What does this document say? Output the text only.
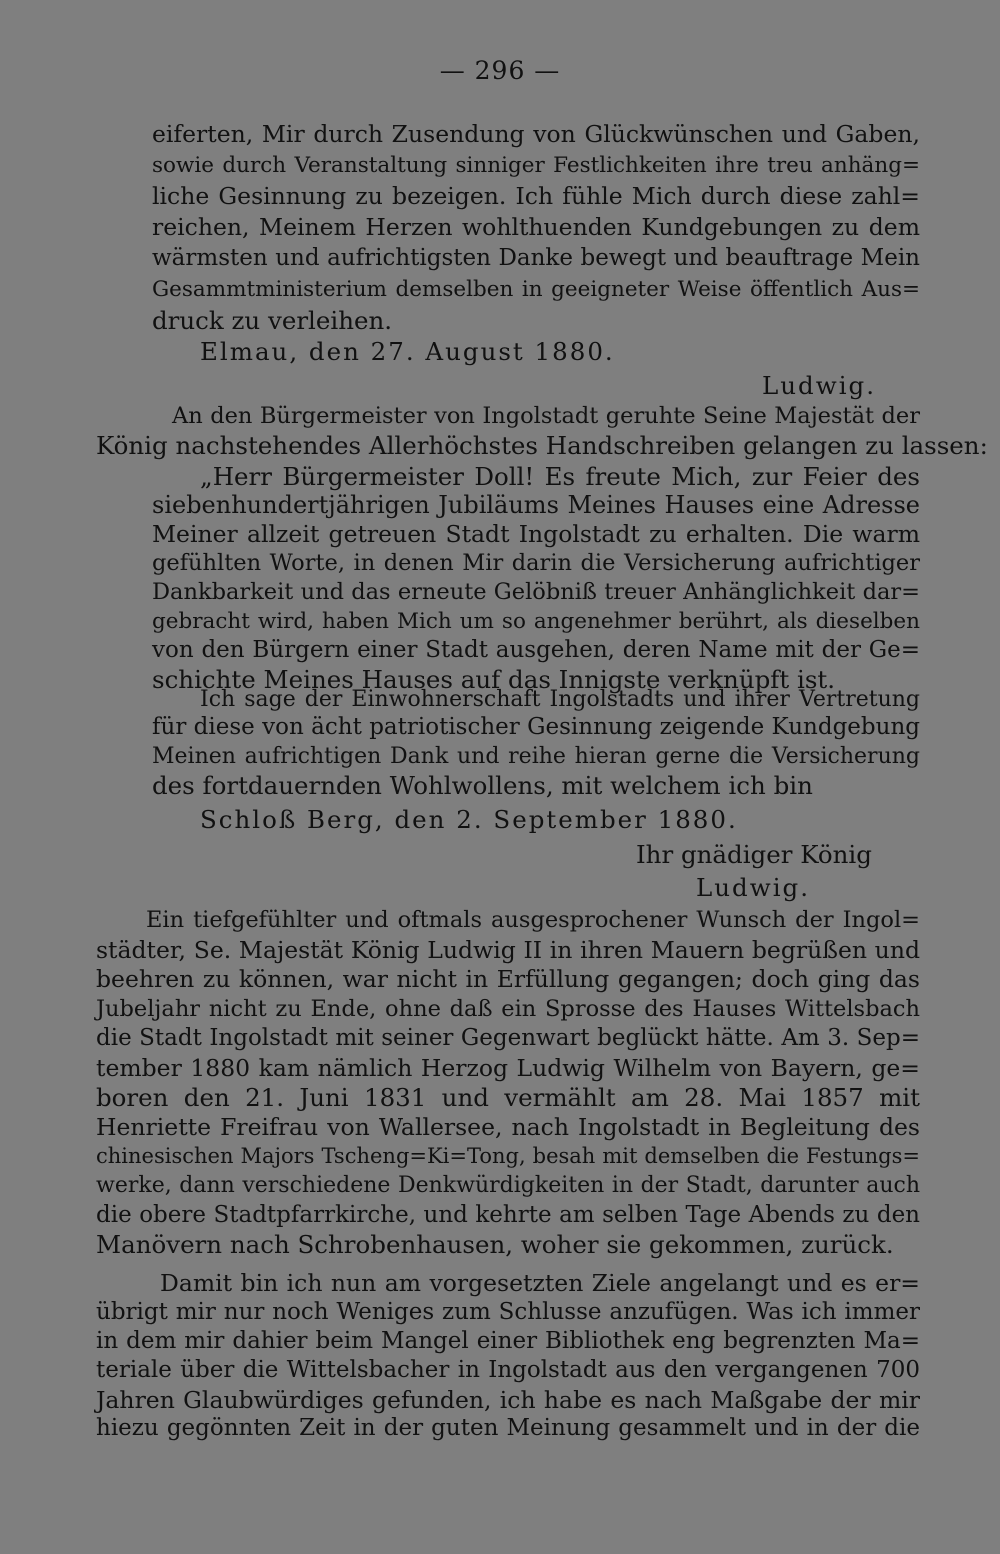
— 296 —
eiferten, Mir durch Zusendung von Glückwünschen und Gaben,
sowie durch Veranstaltung sinniger Festlichkeiten ihre treu anhäng=
liche Gesinnung zu bezeigen. Ich fühle Mich durch diese zahl=
reichen, Meinem Herzen wohlthuenden Kundgebungen zu dem
wärmsten und aufrichtigsten Danke bewegt und beauftrage Mein
Gesammtministerium demselben in geeigneter Weise öffentlich Aus=
druck zu verleihen.
Elmau, den 27. August 1880.
Ludwig.
An den Bürgermeister von Ingolstadt geruhte Seine Majestät der
König nachstehendes Allerhöchstes Handschreiben gelangen zu lassen:
„Herr Bürgermeister Doll! Es freute Mich, zur Feier des
siebenhundertjährigen Jubiläums Meines Hauses eine Adresse
Meiner allzeit getreuen Stadt Ingolstadt zu erhalten. Die warm
gefühlten Worte, in denen Mir darin die Versicherung aufrichtiger
Dankbarkeit und das erneute Gelöbniß treuer Anhänglichkeit dar=
gebracht wird, haben Mich um so angenehmer berührt, als dieselben
von den Bürgern einer Stadt ausgehen, deren Name mit der Ge=
schichte Meines Hauses auf das Innigste verknüpft ist.
Ich sage der Einwohnerschaft Ingolstadts und ihrer Vertretung
für diese von ächt patriotischer Gesinnung zeigende Kundgebung
Meinen aufrichtigen Dank und reihe hieran gerne die Versicherung
des fortdauernden Wohlwollens, mit welchem ich bin
Schloß Berg, den 2. September 1880.
Ihr gnädiger König
Ludwig.
Ein tiefgefühlter und oftmals ausgesprochener Wunsch der Ingol=
städter, Se. Majestät König Ludwig II in ihren Mauern begrüßen und
beehren zu können, war nicht in Erfüllung gegangen; doch ging das
Jubeljahr nicht zu Ende, ohne daß ein Sprosse des Hauses Wittelsbach
die Stadt Ingolstadt mit seiner Gegenwart beglückt hätte. Am 3. Sep=
tember 1880 kam nämlich Herzog Ludwig Wilhelm von Bayern, ge=
boren den 21. Juni 1831 und vermählt am 28. Mai 1857 mit
Henriette Freifrau von Wallersee, nach Ingolstadt in Begleitung des
chinesischen Majors Tscheng=Ki=Tong, besah mit demselben die Festungs=
werke, dann verschiedene Denkwürdigkeiten in der Stadt, darunter auch
die obere Stadtpfarrkirche, und kehrte am selben Tage Abends zu den
Manövern nach Schrobenhausen, woher sie gekommen, zurück.
Damit bin ich nun am vorgesetzten Ziele angelangt und es er=
übrigt mir nur noch Weniges zum Schlusse anzufügen. Was ich immer
in dem mir dahier beim Mangel einer Bibliothek eng begrenzten Ma=
teriale über die Wittelsbacher in Ingolstadt aus den vergangenen 700
Jahren Glaubwürdiges gefunden, ich habe es nach Maßgabe der mir
hiezu gegönnten Zeit in der guten Meinung gesammelt und in der die
